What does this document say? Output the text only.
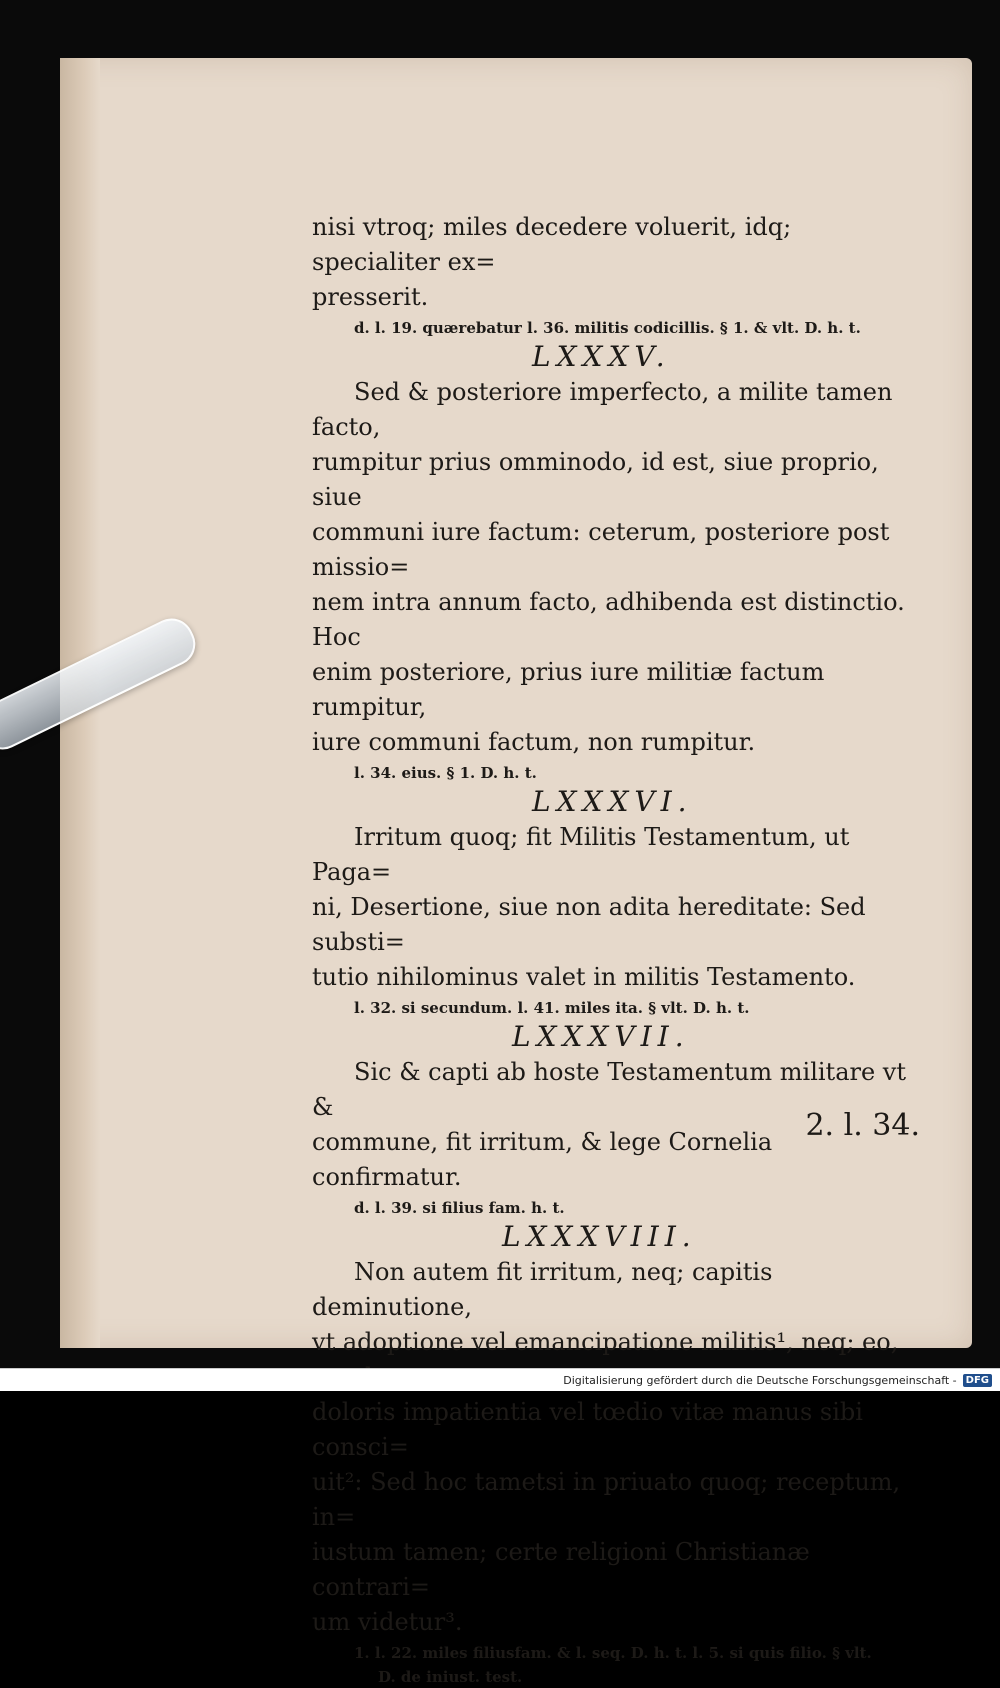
nisi vtroq; miles decedere voluerit, idq; specialiter ex=

presserit.

d. l. 19. quærebatur l. 36. militis codicillis. § 1. & vlt. D. h. t.

LXXXV.

Sed & posteriore imperfecto, a milite tamen facto,

rumpitur prius omminodo, id est, siue proprio, siue

communi iure factum: ceterum, posteriore post missio=

nem intra annum facto, adhibenda est distinctio. Hoc

enim posteriore, prius iure militiæ factum rumpitur,

iure communi factum, non rumpitur.

l. 34. eius. § 1. D. h. t.

LXXXVI.

Irritum quoq; fit Militis Testamentum, ut Paga=

ni, Desertione, siue non adita hereditate: Sed substi=

tutio nihilominus valet in militis Testamento.

l. 32. si secundum. l. 41. miles ita. § vlt. D. h. t.

LXXXVII.

Sic & capti ab hoste Testamentum militare vt &

commune, fit irritum, & lege Cornelia confirmatur.

d. l. 39. si filius fam. h. t.

LXXXVIII.

Non autem fit irritum, neq; capitis deminutione,

vt adoptione vel emancipatione militis¹, neq; eo,

doloris impatientia vel tœdio vitæ manus sibi consci=

uit²: Sed hoc tametsi in priuato quoq; receptum, in=

iustum tamen; certe religioni Christianæ contrari=

um videtur³.

1. l. 22. miles filiusfam. & l. seq. D. h. t. l. 5. si quis filio. § vlt.

D. de iniust. test.

2. l. 34.
Digitalisierung gefördert durch die Deutsche Forschungsgemeinschaft - DFG
